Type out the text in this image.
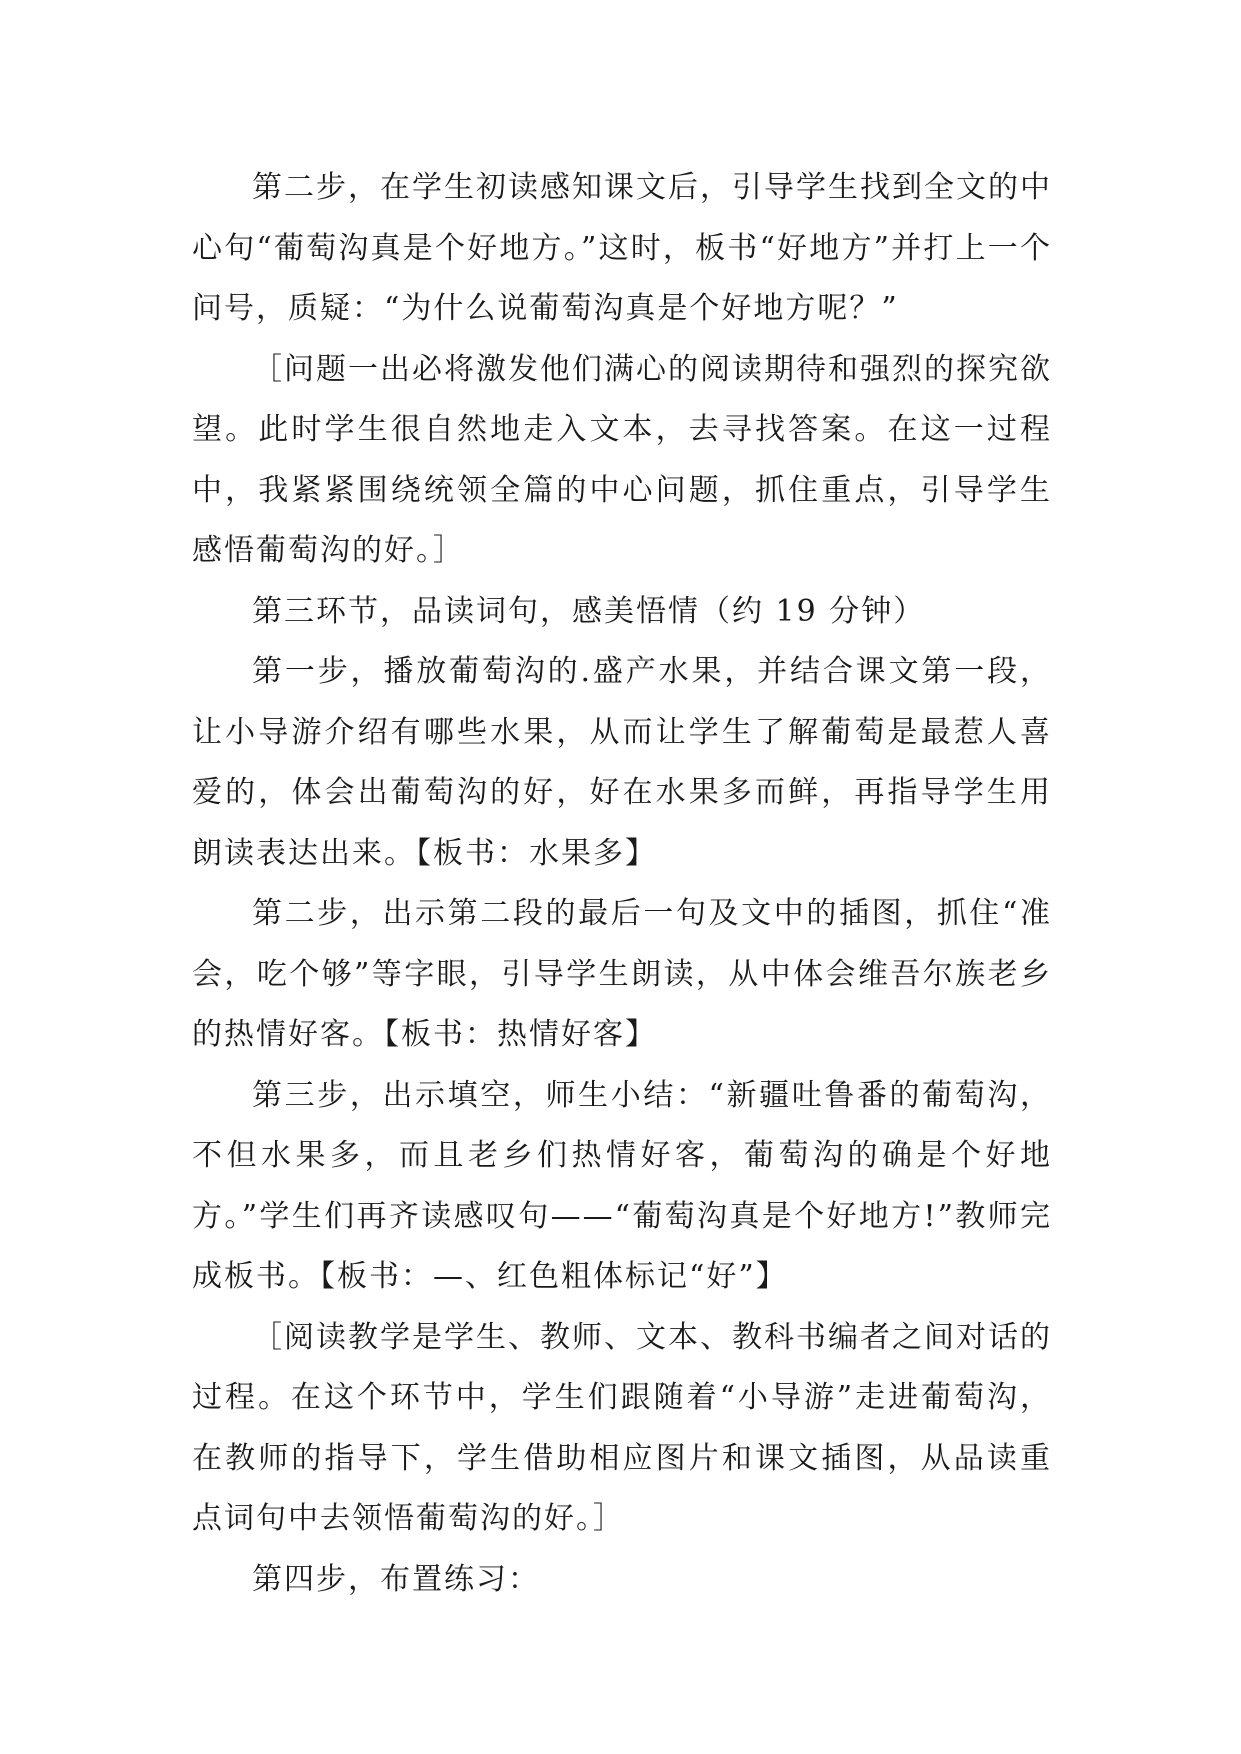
第二步，在学生初读感知课文后，引导学生找到全文的中心句“葡萄沟真是个好地方。”这时，板书“好地方”并打上一个问号，质疑：“为什么说葡萄沟真是个好地方呢？”

［问题一出必将激发他们满心的阅读期待和强烈的探究欲望。此时学生很自然地走入文本，去寻找答案。在这一过程中，我紧紧围绕统领全篇的中心问题，抓住重点，引导学生感悟葡萄沟的好。］

第三环节，品读词句，感美悟情（约 19 分钟）

第一步，播放葡萄沟的.盛产水果，并结合课文第一段，让小导游介绍有哪些水果，从而让学生了解葡萄是最惹人喜爱的，体会出葡萄沟的好，好在水果多而鲜，再指导学生用朗读表达出来。【板书：水果多】

第二步，出示第二段的最后一句及文中的插图，抓住“准会，吃个够”等字眼，引导学生朗读，从中体会维吾尔族老乡的热情好客。【板书：热情好客】

第三步，出示填空，师生小结：“新疆吐鲁番的葡萄沟，不但水果多，而且老乡们热情好客，葡萄沟的确是个好地方。”学生们再齐读感叹句——“葡萄沟真是个好地方!”教师完成板书。【板书：—、红色粗体标记“好”】

［阅读教学是学生、教师、文本、教科书编者之间对话的过程。在这个环节中，学生们跟随着“小导游”走进葡萄沟，在教师的指导下，学生借助相应图片和课文插图，从品读重点词句中去领悟葡萄沟的好。］

第四步，布置练习：
